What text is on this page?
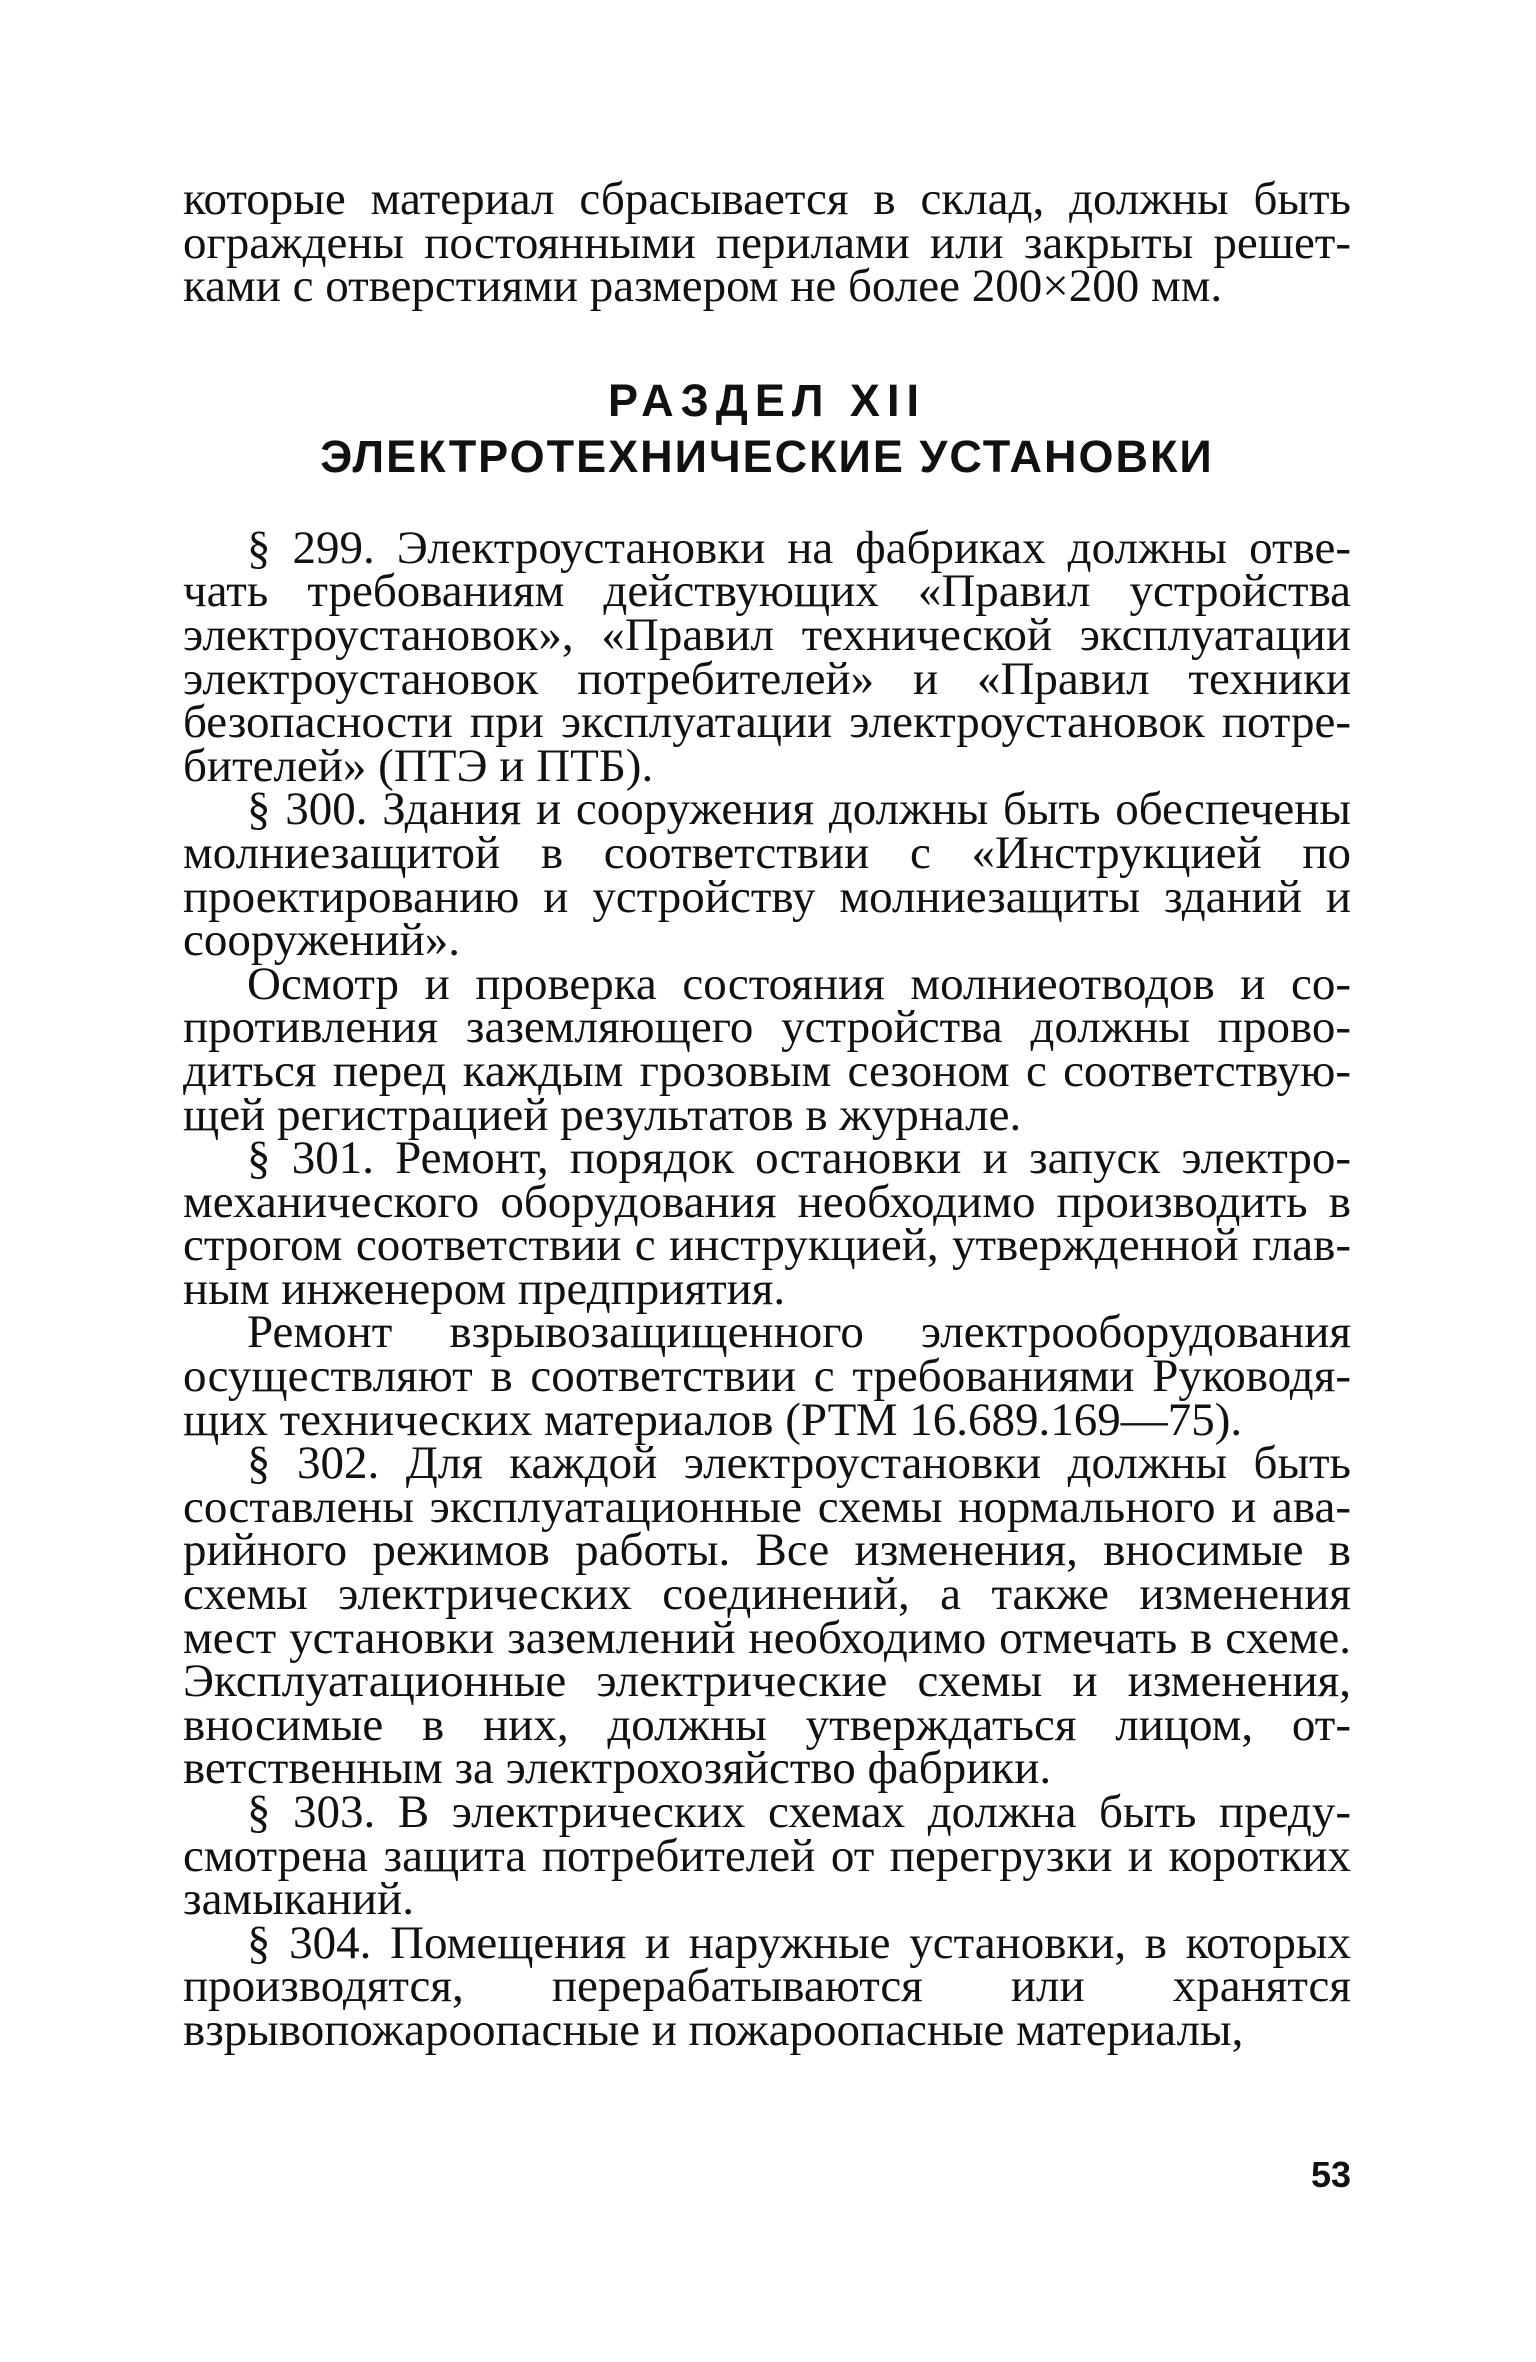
которые материал сбрасывается в склад, должны быть ограждены постоянными перилами или закрыты решетками с отверстиями размером не более 200×200 мм.

РАЗДЕЛ XII
ЭЛЕКТРОТЕХНИЧЕСКИЕ УСТАНОВКИ

§ 299. Электроустановки на фабриках должны отвечать требованиям действующих «Правил устройства электроустановок», «Правил технической эксплуатации электроустановок потребителей» и «Правил техники безопасности при эксплуатации электроустановок потребителей» (ПТЭ и ПТБ).

§ 300. Здания и сооружения должны быть обеспечены молниезащитой в соответствии с «Инструкцией по проектированию и устройству молниезащиты зданий и сооружений».

Осмотр и проверка состояния молниеотводов и сопротивления заземляющего устройства должны проводиться перед каждым грозовым сезоном с соответствующей регистрацией результатов в журнале.

§ 301. Ремонт, порядок остановки и запуск электромеханического оборудования необходимо производить в строгом соответствии с инструкцией, утвержденной главным инженером предприятия.

Ремонт взрывозащищенного электрооборудования осуществляют в соответствии с требованиями Руководящих технических материалов (РТМ 16.689.169—75).

§ 302. Для каждой электроустановки должны быть составлены эксплуатационные схемы нормального и аварийного режимов работы. Все изменения, вносимые в схемы электрических соединений, а также изменения мест установки заземлений необходимо отмечать в схеме. Эксплуатационные электрические схемы и изменения, вносимые в них, должны утверждаться лицом, ответственным за электрохозяйство фабрики.

§ 303. В электрических схемах должна быть предусмотрена защита потребителей от перегрузки и коротких замыканий.

§ 304. Помещения и наружные установки, в которых производятся, перерабатываются или хранятся взрывопожароопасные и пожароопасные материалы,

53
